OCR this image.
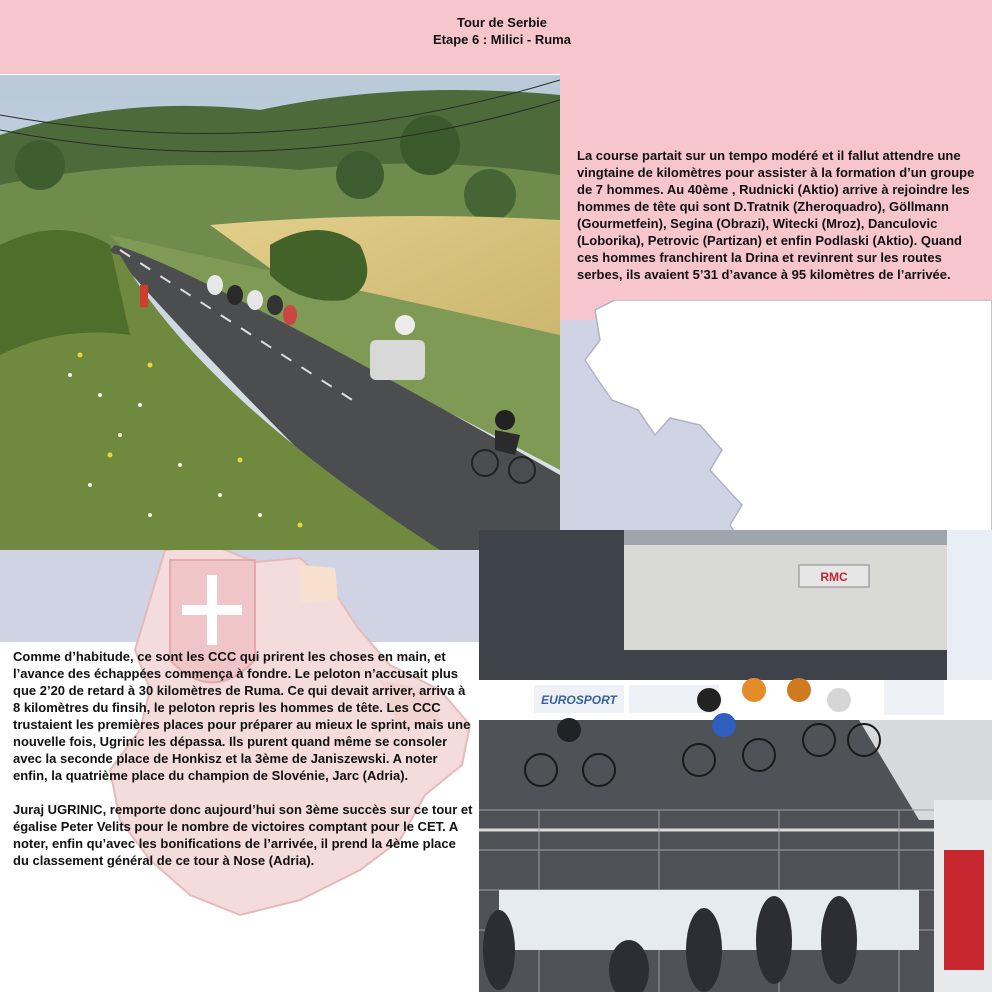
Tour de Serbie
Etape 6 : Milici - Ruma
RMC
EUROSPORT
La course partait sur un tempo modéré et il fallut attendre une vingtaine de kilomètres pour assister à la formation d’un groupe de 7 hommes. Au 40ème , Rudnicki (Aktio) arrive à rejoindre les hommes de tête qui sont D.Tratnik (Zheroquadro), Göllmann (Gourmetfein), Segina (Obrazi), Witecki (Mroz), Danculovic (Loborika), Petrovic (Partizan) et enfin Podlaski (Aktio). Quand ces hommes franchirent la Drina et revinrent sur les routes serbes, ils avaient 5’31 d’avance à 95 kilomètres de l’arrivée.

Comme d’habitude, ce sont les CCC qui prirent les choses en main, et l’avance des échappées commença à fondre. Le peloton n’accusait plus que 2’20 de retard à 30 kilomètres de Ruma. Ce qui devait arriver, arriva à 8 kilomètres du finsih, le peloton repris les hommes de tête. Les CCC trustaient les premières places pour préparer au mieux le sprint, mais une nouvelle fois, Ugrinic les dépassa. Ils purent quand même se consoler avec la seconde place de Honkisz et la 3ème de Janiszewski. A noter enfin, la quatrième place du champion de Slovénie, Jarc (Adria).

Juraj UGRINIC, remporte donc aujourd’hui son 3ème succès sur ce tour et égalise Peter Velits pour le nombre de victoires comptant pour le CET. A noter, enfin qu’avec les bonifications de l’arrivée, il prend la 4ème place du classement général de ce tour à Nose (Adria).
